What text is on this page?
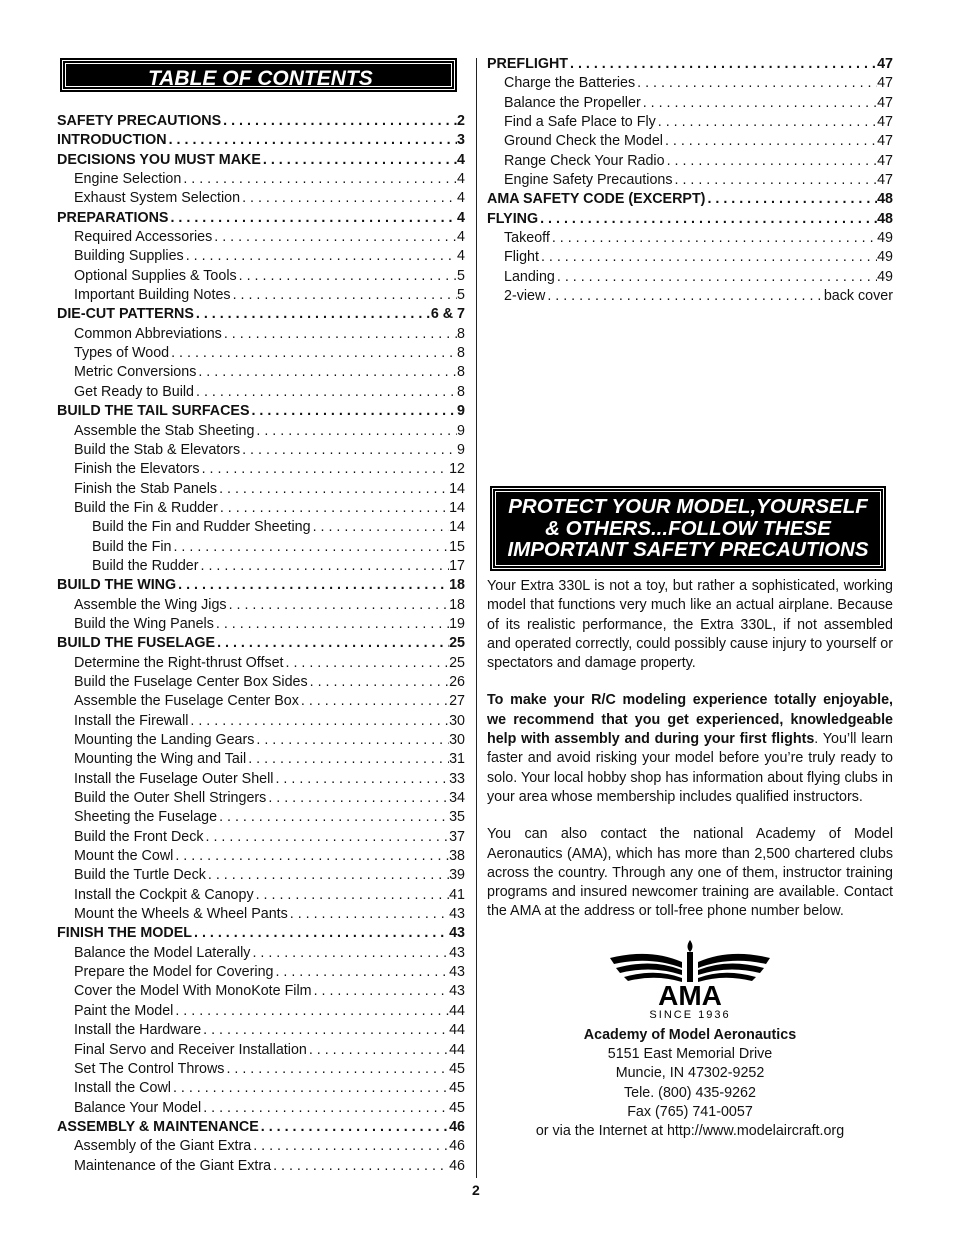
TABLE OF CONTENTS
SAFETY PRECAUTIONS . . .	2
INTRODUCTION . . .	3
DECISIONS YOU MUST MAKE . . .	4
Engine Selection . . .	4
Exhaust System Selection . . .	4
PREPARATIONS . . .	4
Required Accessories . . .	4
Building Supplies . . .	4
Optional Supplies & Tools . . .	5
Important Building Notes . . .	5
DIE-CUT PATTERNS . . .	6 & 7
Common Abbreviations . . .	8
Types of Wood . . .	8
Metric Conversions . . .	8
Get Ready to Build . . .	8
BUILD THE TAIL SURFACES . . .	9
Assemble the Stab Sheeting . . .	9
Build the Stab & Elevators . . .	9
Finish the Elevators . . .	12
Finish the Stab Panels . . .	14
Build the Fin & Rudder . . .	14
Build the Fin and Rudder Sheeting . . .	14
Build the Fin . . .	15
Build the Rudder . . .	17
BUILD THE WING . . .	18
Assemble the Wing Jigs . . .	18
Build the Wing Panels . . .	19
BUILD THE FUSELAGE . . .	25
Determine the Right-thrust Offset . . .	25
Build the Fuselage Center Box Sides . . .	26
Assemble the Fuselage Center Box . . .	27
Install the Firewall . . .	30
Mounting the Landing Gears . . .	30
Mounting the Wing and Tail . . .	31
Install the Fuselage Outer Shell . . .	33
Build the Outer Shell Stringers . . .	34
Sheeting the Fuselage . . .	35
Build the Front Deck . . .	37
Mount the Cowl . . .	38
Build the Turtle Deck . . .	39
Install the Cockpit & Canopy . . .	41
Mount the Wheels & Wheel Pants . . .	43
FINISH THE MODEL . . .	43
Balance the Model Laterally . . .	43
Prepare the Model for Covering . . .	43
Cover the Model With MonoKote Film . . .	43
Paint the Model . . .	44
Install the Hardware . . .	44
Final Servo and Receiver Installation . . .	44
Set The Control Throws . . .	45
Install the Cowl . . .	45
Balance Your Model . . .	45
ASSEMBLY & MAINTENANCE . . .	46
Assembly of the Giant Extra . . .	46
Maintenance of the Giant Extra . . .	46
PREFLIGHT . . .	47
Charge the Batteries . . .	47
Balance the Propeller . . .	47
Find a Safe Place to Fly . . .	47
Ground Check the Model . . .	47
Range Check Your Radio . . .	47
Engine Safety Precautions . . .	47
AMA SAFETY CODE (EXCERPT) . . .	48
FLYING . . .	48
Takeoff . . .	49
Flight . . .	49
Landing . . .	49
2-view . . .	back cover
PROTECT YOUR MODEL,YOURSELF
& OTHERS...FOLLOW THESE
IMPORTANT SAFETY PRECAUTIONS
Your Extra 330L is not a toy, but rather a sophisticated, working model that functions very much like an actual airplane. Because of its realistic performance, the Extra 330L, if not assembled and operated correctly, could possibly cause injury to yourself or spectators and damage property.
To make your R/C modeling experience totally enjoyable, we recommend that you get experienced, knowledgeable help with assembly and during your first flights. You’ll learn faster and avoid risking your model before you’re truly ready to solo. Your local hobby shop has information about flying clubs in your area whose membership includes qualified instructors.
You can also contact the national Academy of Model Aeronautics (AMA), which has more than 2,500 chartered clubs across the country. Through any one of them, instructor training programs and insured newcomer training are available. Contact the AMA at the address or toll-free phone number below.
AMA
SINCE 1936
Academy of Model Aeronautics
5151 East Memorial Drive
Muncie, IN 47302-9252
Tele. (800) 435-9262
Fax (765) 741-0057
or via the Internet at http://www.modelaircraft.org
2
